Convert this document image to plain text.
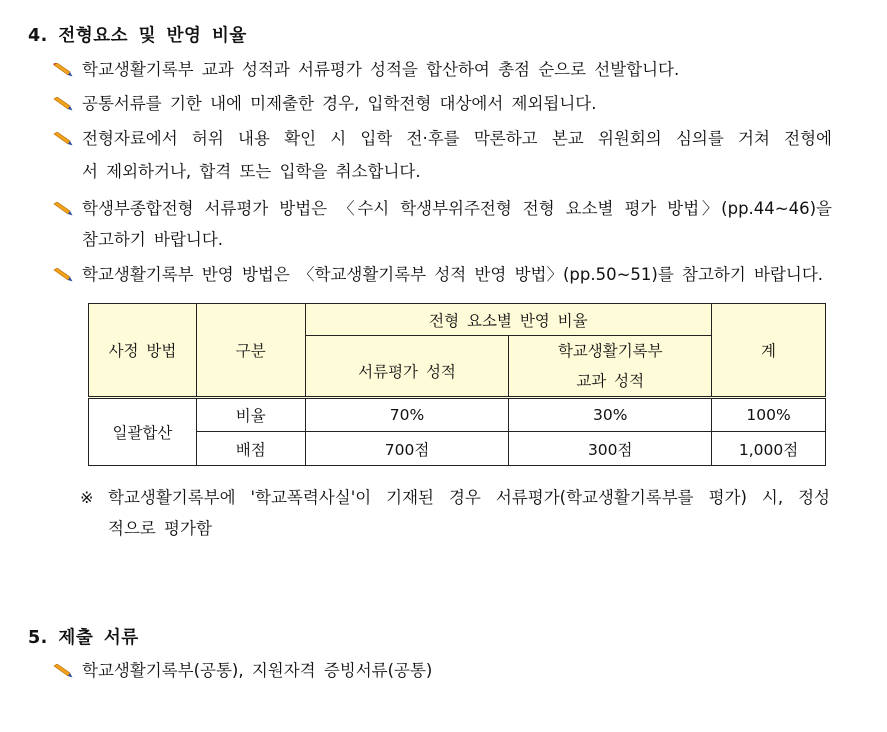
4. 전형요소 및 반영 비율
학교생활기록부 교과 성적과 서류평가 성적을 합산하여 총점 순으로 선발합니다.
공통서류를 기한 내에 미제출한 경우, 입학전형 대상에서 제외됩니다.
전형자료에서 허위 내용 확인 시 입학 전·후를 막론하고 본교 위원회의 심의를 거쳐 전형에
서 제외하거나, 합격 또는 입학을 취소합니다.
학생부종합전형 서류평가 방법은 〈수시 학생부위주전형 전형 요소별 평가 방법〉(pp.44~46)을
참고하기 바랍니다.
학교생활기록부 반영 방법은 〈학교생활기록부 성적 반영 방법〉(pp.50~51)를 참고하기 바랍니다.
사정 방법	구분	전형 요소별 반영 비율		계
		서류평가 성적	학교생활기록부
교과 성적	

일괄합산	비율	70%	30%	100%
	배점	700점	300점	1,000점
※ 학교생활기록부에 '학교폭력사실'이 기재된 경우 서류평가(학교생활기록부를 평가) 시, 정성
적으로 평가함
5. 제출 서류
학교생활기록부(공통), 지원자격 증빙서류(공통)
